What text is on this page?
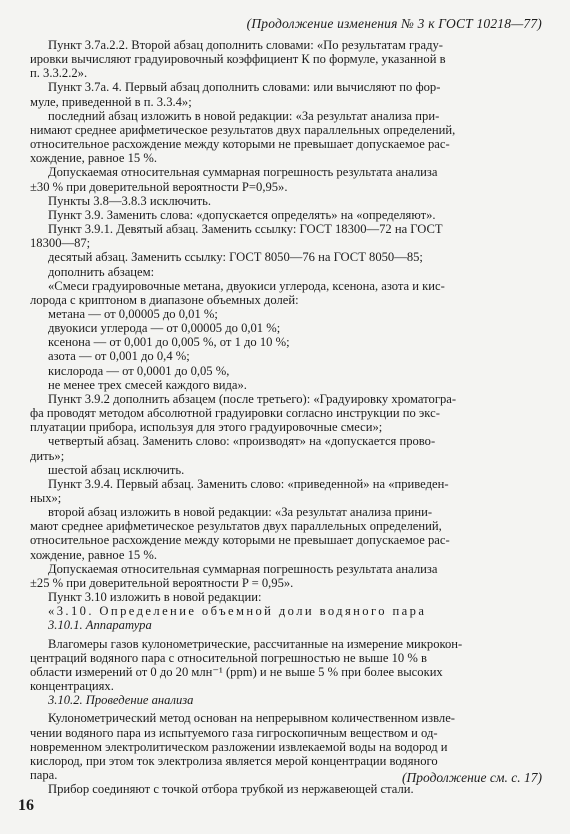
(Продолжение изменения № 3 к ГОСТ 10218—77)
Пункт 3.7а.2.2. Второй абзац дополнить словами: «По результатам граду-
ировки вычисляют градуировочный коэффициент К по формуле, указанной в
п. 3.3.2.2».
Пункт 3.7а. 4. Первый абзац дополнить словами: или вычисляют по фор-
муле, приведенной в п. 3.3.4»;
последний абзац изложить в новой редакции: «За результат анализа при-
нимают среднее арифметическое результатов двух параллельных определений,
относительное расхождение между которыми не превышает допускаемое рас-
хождение, равное 15 %.
Допускаемая относительная суммарная погрешность результата анализа
±30 % при доверительной вероятности P=0,95».
Пункты 3.8—3.8.3 исключить.
Пункт 3.9. Заменить слова: «допускается определять» на «определяют».
Пункт 3.9.1. Девятый абзац. Заменить ссылку: ГОСТ 18300—72 на ГОСТ
18300—87;
десятый абзац. Заменить ссылку: ГОСТ 8050—76 на ГОСТ 8050—85;
дополнить абзацем:
«Смеси градуировочные метана, двуокиси углерода, ксенона, азота и кис-
лорода с криптоном в диапазоне объемных долей:
метана — от 0,00005 до 0,01 %;
двуокиси углерода — от 0,00005 до 0,01 %;
ксенона — от 0,001 до 0,005 %, от 1 до 10 %;
азота — от 0,001 до 0,4 %;
кислорода — от 0,0001 до 0,05 %,
не менее трех смесей каждого вида».
Пункт 3.9.2 дополнить абзацем (после третьего): «Градуировку хроматогра-
фа проводят методом абсолютной градуировки согласно инструкции по экс-
плуатации прибора, используя для этого градуировочные смеси»;
четвертый абзац. Заменить слово: «производят» на «допускается прово-
дить»;
шестой абзац исключить.
Пункт 3.9.4. Первый абзац. Заменить слово: «приведенной» на «приведен-
ных»;
второй абзац изложить в новой редакции: «За результат анализа прини-
мают среднее арифметическое результатов двух параллельных определений,
относительное расхождение между которыми не превышает допускаемое рас-
хождение, равное 15 %.
Допускаемая относительная суммарная погрешность результата анализа
±25 % при доверительной вероятности P = 0,95».
Пункт 3.10 изложить в новой редакции:
«3.10. Определение объемной доли водяного пара
3.10.1. Аппаратура
Влагомеры газов кулонометрические, рассчитанные на измерение микрокон-
центраций водяного пара с относительной погрешностью не выше 10 % в
области измерений от 0 до 20 млн⁻¹ (ppm) и не выше 5 % при более высоких
концентрациях.
3.10.2. Проведение анализа
Кулонометрический метод основан на непрерывном количественном извле-
чении водяного пара из испытуемого газа гигроскопичным веществом и од-
новременном электролитическом разложении извлекаемой воды на водород и
кислород, при этом ток электролиза является мерой концентрации водяного
пара.
Прибор соединяют с точкой отбора трубкой из нержавеющей стали.
(Продолжение см. с. 17)
16
